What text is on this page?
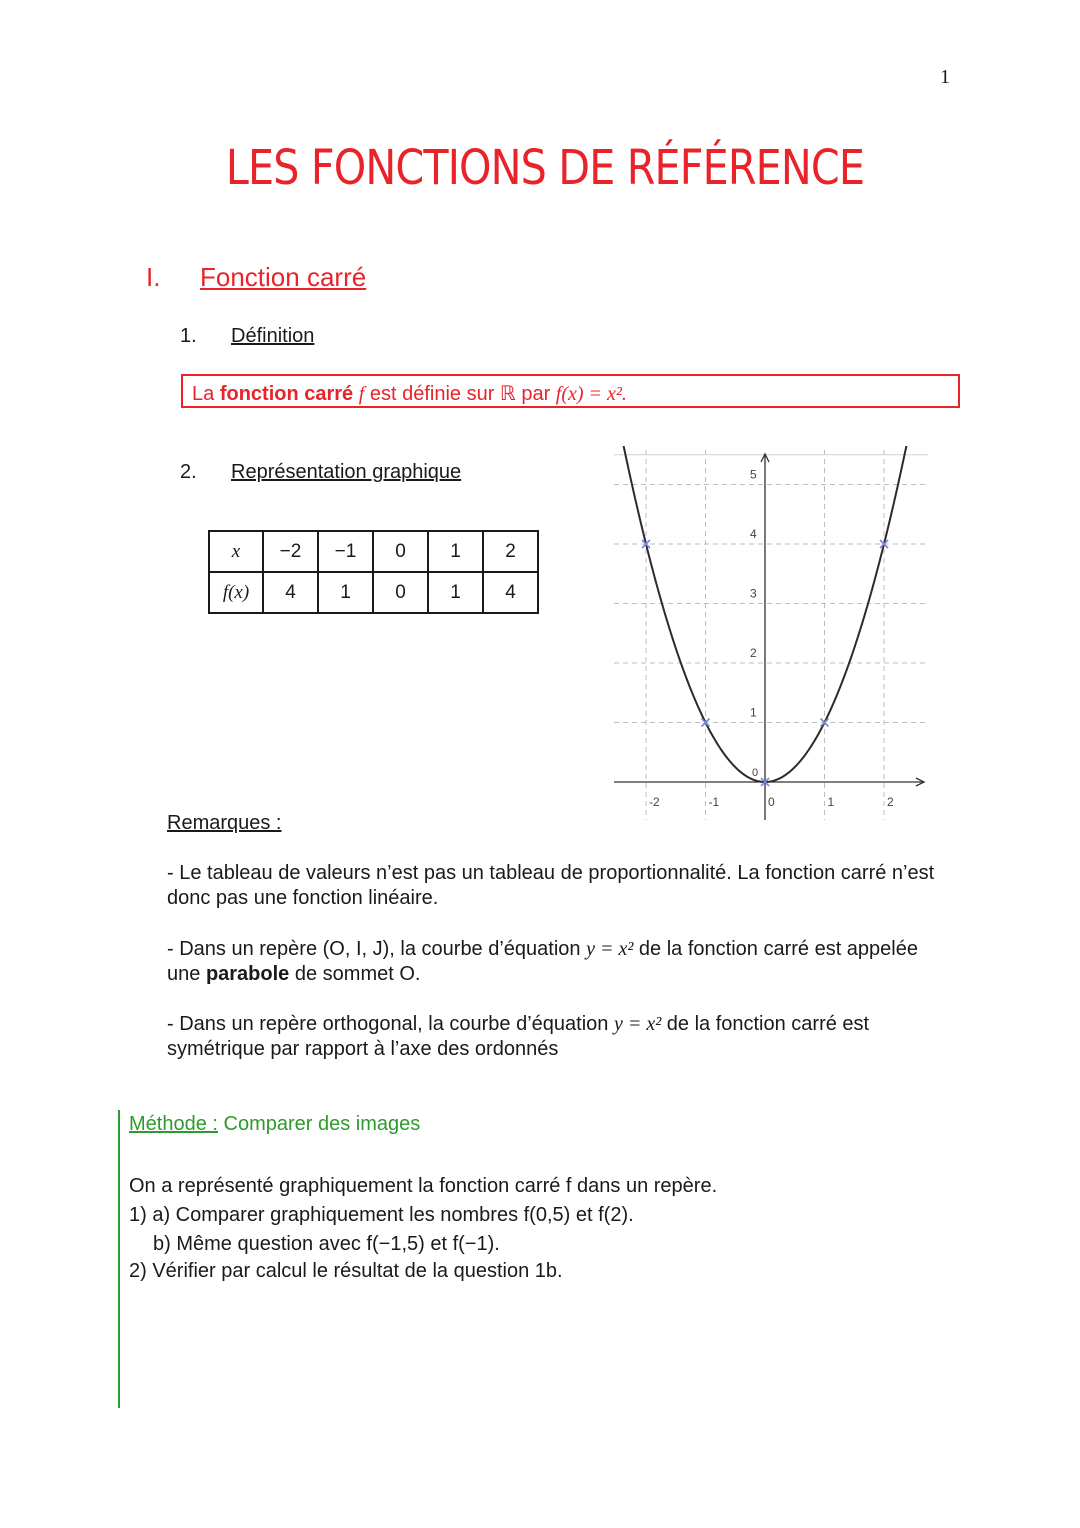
1
LES FONCTIONS DE RÉFÉRENCE
I. Fonction carré
1. Définition
La fonction carré f est définie sur ℝ par f(x) = x².
2. Représentation graphique
x	−2	−1	0	1	2
f(x)	4	1	0	1	4
-2	-1	0	1	2
0
1
2
3
4
5
Remarques :
- Le tableau de valeurs n’est pas un tableau de proportionnalité. La fonction carré n’est donc pas une fonction linéaire.
- Dans un repère (O, I, J), la courbe d’équation y = x² de la fonction carré est appelée une parabole de sommet O.
- Dans un repère orthogonal, la courbe d’équation y = x² de la fonction carré est symétrique par rapport à l’axe des ordonnés
Méthode : Comparer des images
On a représenté graphiquement la fonction carré f dans un repère.
1) a) Comparer graphiquement les nombres f(0,5) et f(2).
b) Même question avec f(−1,5) et f(−1).
2) Vérifier par calcul le résultat de la question 1b.
